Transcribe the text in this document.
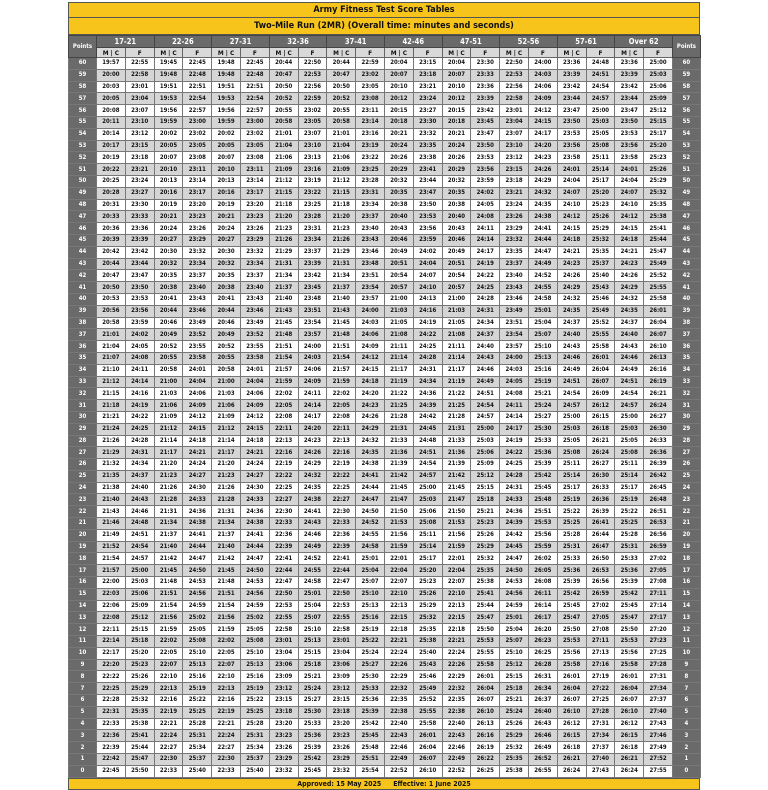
Army Fitness Test Score Tables
Two-Mile Run (2MR) (Overall time: minutes and seconds)
Points	17-21		22-26		27-31		32-36		37-41		42-46		47-51		52-56		57-61		Over 62		Points
	M | C	F	M | C	F	M | C	F	M | C	F	M | C	F	M | C	F	M | C	F	M | C	F	M | C	F	M | C	F	
60	19:57	22:55	19:45	22:45	19:48	22:45	20:44	22:50	20:44	22:59	20:04	23:15	20:04	23:30	22:50	24:00	23:36	24:48	23:36	25:00	60
59	20:00	22:58	19:48	22:48	19:48	22:48	20:47	22:53	20:47	23:02	20:07	23:18	20:07	23:33	22:53	24:03	23:39	24:51	23:39	25:03	59
58	20:03	23:01	19:51	22:51	19:51	22:51	20:50	22:56	20:50	23:05	20:10	23:21	20:10	23:36	22:56	24:06	23:42	24:54	23:42	25:06	58
57	20:05	23:04	19:53	22:54	19:53	22:54	20:52	22:59	20:52	23:08	20:12	23:24	20:12	23:39	22:58	24:09	23:44	24:57	23:44	25:09	57
56	20:08	23:07	19:56	22:57	19:56	22:57	20:55	23:02	20:55	23:11	20:15	23:27	20:15	23:42	23:01	24:12	23:47	25:00	23:47	25:12	56
55	20:11	23:10	19:59	23:00	19:59	23:00	20:58	23:05	20:58	23:14	20:18	23:30	20:18	23:45	23:04	24:15	23:50	25:03	23:50	25:15	55
54	20:14	23:12	20:02	23:02	20:02	23:02	21:01	23:07	21:01	23:16	20:21	23:32	20:21	23:47	23:07	24:17	23:53	25:05	23:53	25:17	54
53	20:17	23:15	20:05	23:05	20:05	23:05	21:04	23:10	21:04	23:19	20:24	23:35	20:24	23:50	23:10	24:20	23:56	25:08	23:56	25:20	53
52	20:19	23:18	20:07	23:08	20:07	23:08	21:06	23:13	21:06	23:22	20:26	23:38	20:26	23:53	23:12	24:23	23:58	25:11	23:58	25:23	52
51	20:22	23:21	20:10	23:11	20:10	23:11	21:09	23:16	21:09	23:25	20:29	23:41	20:29	23:56	23:15	24:26	24:01	25:14	24:01	25:26	51
50	20:25	23:24	20:13	23:14	20:13	23:14	21:12	23:19	21:12	23:28	20:32	23:44	20:32	23:59	23:18	24:29	24:04	25:17	24:04	25:29	50
49	20:28	23:27	20:16	23:17	20:16	23:17	21:15	23:22	21:15	23:31	20:35	23:47	20:35	24:02	23:21	24:32	24:07	25:20	24:07	25:32	49
48	20:31	23:30	20:19	23:20	20:19	23:20	21:18	23:25	21:18	23:34	20:38	23:50	20:38	24:05	23:24	24:35	24:10	25:23	24:10	25:35	48
47	20:33	23:33	20:21	23:23	20:21	23:23	21:20	23:28	21:20	23:37	20:40	23:53	20:40	24:08	23:26	24:38	24:12	25:26	24:12	25:38	47
46	20:36	23:36	20:24	23:26	20:24	23:26	21:23	23:31	21:23	23:40	20:43	23:56	20:43	24:11	23:29	24:41	24:15	25:29	24:15	25:41	46
45	20:39	23:39	20:27	23:29	20:27	23:29	21:26	23:34	21:26	23:43	20:46	23:59	20:46	24:14	23:32	24:44	24:18	25:32	24:18	25:44	45
44	20:42	23:42	20:30	23:32	20:30	23:32	21:29	23:37	21:29	23:46	20:49	24:02	20:49	24:17	23:35	24:47	24:21	25:35	24:21	25:47	44
43	20:44	23:44	20:32	23:34	20:32	23:34	21:31	23:39	21:31	23:48	20:51	24:04	20:51	24:19	23:37	24:49	24:23	25:37	24:23	25:49	43
42	20:47	23:47	20:35	23:37	20:35	23:37	21:34	23:42	21:34	23:51	20:54	24:07	20:54	24:22	23:40	24:52	24:26	25:40	24:26	25:52	42
41	20:50	23:50	20:38	23:40	20:38	23:40	21:37	23:45	21:37	23:54	20:57	24:10	20:57	24:25	23:43	24:55	24:29	25:43	24:29	25:55	41
40	20:53	23:53	20:41	23:43	20:41	23:43	21:40	23:48	21:40	23:57	21:00	24:13	21:00	24:28	23:46	24:58	24:32	25:46	24:32	25:58	40
39	20:56	23:56	20:44	23:46	20:44	23:46	21:43	23:51	21:43	24:00	21:03	24:16	21:03	24:31	23:49	25:01	24:35	25:49	24:35	26:01	39
38	20:58	23:59	20:46	23:49	20:46	23:49	21:45	23:54	21:45	24:03	21:05	24:19	21:05	24:34	23:51	25:04	24:37	25:52	24:37	26:04	38
37	21:01	24:02	20:49	23:52	20:49	23:52	21:48	23:57	21:48	24:06	21:08	24:22	21:08	24:37	23:54	25:07	24:40	25:55	24:40	26:07	37
36	21:04	24:05	20:52	23:55	20:52	23:55	21:51	24:00	21:51	24:09	21:11	24:25	21:11	24:40	23:57	25:10	24:43	25:58	24:43	26:10	36
35	21:07	24:08	20:55	23:58	20:55	23:58	21:54	24:03	21:54	24:12	21:14	24:28	21:14	24:43	24:00	25:13	24:46	26:01	24:46	26:13	35
34	21:10	24:11	20:58	24:01	20:58	24:01	21:57	24:06	21:57	24:15	21:17	24:31	21:17	24:46	24:03	25:16	24:49	26:04	24:49	26:16	34
33	21:12	24:14	21:00	24:04	21:00	24:04	21:59	24:09	21:59	24:18	21:19	24:34	21:19	24:49	24:05	25:19	24:51	26:07	24:51	26:19	33
32	21:15	24:16	21:03	24:06	21:03	24:06	22:02	24:11	22:02	24:20	21:22	24:36	21:22	24:51	24:08	25:21	24:54	26:09	24:54	26:21	32
31	21:18	24:19	21:06	24:09	21:06	24:09	22:05	24:14	22:05	24:23	21:25	24:39	21:25	24:54	24:11	25:24	24:57	26:12	24:57	26:24	31
30	21:21	24:22	21:09	24:12	21:09	24:12	22:08	24:17	22:08	24:26	21:28	24:42	21:28	24:57	24:14	25:27	25:00	26:15	25:00	26:27	30
29	21:24	24:25	21:12	24:15	21:12	24:15	22:11	24:20	22:11	24:29	21:31	24:45	21:31	25:00	24:17	25:30	25:03	26:18	25:03	26:30	29
28	21:26	24:28	21:14	24:18	21:14	24:18	22:13	24:23	22:13	24:32	21:33	24:48	21:33	25:03	24:19	25:33	25:05	26:21	25:05	26:33	28
27	21:29	24:31	21:17	24:21	21:17	24:21	22:16	24:26	22:16	24:35	21:36	24:51	21:36	25:06	24:22	25:36	25:08	26:24	25:08	26:36	27
26	21:32	24:34	21:20	24:24	21:20	24:24	22:19	24:29	22:19	24:38	21:39	24:54	21:39	25:09	24:25	25:39	25:11	26:27	25:11	26:39	26
25	21:35	24:37	21:23	24:27	21:23	24:27	22:22	24:32	22:22	24:41	21:42	24:57	21:42	25:12	24:28	25:42	25:14	26:30	25:14	26:42	25
24	21:38	24:40	21:26	24:30	21:26	24:30	22:25	24:35	22:25	24:44	21:45	25:00	21:45	25:15	24:31	25:45	25:17	26:33	25:17	26:45	24
23	21:40	24:43	21:28	24:33	21:28	24:33	22:27	24:38	22:27	24:47	21:47	25:03	21:47	25:18	24:33	25:48	25:19	26:36	25:19	26:48	23
22	21:43	24:46	21:31	24:36	21:31	24:36	22:30	24:41	22:30	24:50	21:50	25:06	21:50	25:21	24:36	25:51	25:22	26:39	25:22	26:51	22
21	21:46	24:48	21:34	24:38	21:34	24:38	22:33	24:43	22:33	24:52	21:53	25:08	21:53	25:23	24:39	25:53	25:25	26:41	25:25	26:53	21
20	21:49	24:51	21:37	24:41	21:37	24:41	22:36	24:46	22:36	24:55	21:56	25:11	21:56	25:26	24:42	25:56	25:28	26:44	25:28	26:56	20
19	21:52	24:54	21:40	24:44	21:40	24:44	22:39	24:49	22:39	24:58	21:59	25:14	21:59	25:29	24:45	25:59	25:31	26:47	25:31	26:59	19
18	21:54	24:57	21:42	24:47	21:42	24:47	22:41	24:52	22:41	25:01	22:01	25:17	22:01	25:32	24:47	26:02	25:33	26:50	25:33	27:02	18
17	21:57	25:00	21:45	24:50	21:45	24:50	22:44	24:55	22:44	25:04	22:04	25:20	22:04	25:35	24:50	26:05	25:36	26:53	25:36	27:05	17
16	22:00	25:03	21:48	24:53	21:48	24:53	22:47	24:58	22:47	25:07	22:07	25:23	22:07	25:38	24:53	26:08	25:39	26:56	25:39	27:08	16
15	22:03	25:06	21:51	24:56	21:51	24:56	22:50	25:01	22:50	25:10	22:10	25:26	22:10	25:41	24:56	26:11	25:42	26:59	25:42	27:11	15
14	22:06	25:09	21:54	24:59	21:54	24:59	22:53	25:04	22:53	25:13	22:13	25:29	22:13	25:44	24:59	26:14	25:45	27:02	25:45	27:14	14
13	22:08	25:12	21:56	25:02	21:56	25:02	22:55	25:07	22:55	25:16	22:15	25:32	22:15	25:47	25:01	26:17	25:47	27:05	25:47	27:17	13
12	22:11	25:15	21:59	25:05	21:59	25:05	22:58	25:10	22:58	25:19	22:18	25:35	22:18	25:50	25:04	26:20	25:50	27:08	25:50	27:20	12
11	22:14	25:18	22:02	25:08	22:02	25:08	23:01	25:13	23:01	25:22	22:21	25:38	22:21	25:53	25:07	26:23	25:53	27:11	25:53	27:23	11
10	22:17	25:20	22:05	25:10	22:05	25:10	23:04	25:15	23:04	25:24	22:24	25:40	22:24	25:55	25:10	26:25	25:56	27:13	25:56	27:25	10
9	22:20	25:23	22:07	25:13	22:07	25:13	23:06	25:18	23:06	25:27	22:26	25:43	22:26	25:58	25:12	26:28	25:58	27:16	25:58	27:28	9
8	22:22	25:26	22:10	25:16	22:10	25:16	23:09	25:21	23:09	25:30	22:29	25:46	22:29	26:01	25:15	26:31	26:01	27:19	26:01	27:31	8
7	22:25	25:29	22:13	25:19	22:13	25:19	23:12	25:24	23:12	25:33	22:32	25:49	22:32	26:04	25:18	26:34	26:04	27:22	26:04	27:34	7
6	22:28	25:32	22:16	25:22	22:16	25:22	23:15	25:27	23:15	25:36	22:35	25:52	22:35	26:07	25:21	26:37	26:07	27:25	26:07	27:37	6
5	22:31	25:35	22:19	25:25	22:19	25:25	23:18	25:30	23:18	25:39	22:38	25:55	22:38	26:10	25:24	26:40	26:10	27:28	26:10	27:40	5
4	22:33	25:38	22:21	25:28	22:21	25:28	23:20	25:33	23:20	25:42	22:40	25:58	22:40	26:13	25:26	26:43	26:12	27:31	26:12	27:43	4
3	22:36	25:41	22:24	25:31	22:24	25:31	23:23	25:36	23:23	25:45	22:43	26:01	22:43	26:16	25:29	26:46	26:15	27:34	26:15	27:46	3
2	22:39	25:44	22:27	25:34	22:27	25:34	23:26	25:39	23:26	25:48	22:46	26:04	22:46	26:19	25:32	26:49	26:18	27:37	26:18	27:49	2
1	22:42	25:47	22:30	25:37	22:30	25:37	23:29	25:42	23:29	25:51	22:49	26:07	22:49	26:22	25:35	26:52	26:21	27:40	26:21	27:52	1
0	22:45	25:50	22:33	25:40	22:33	25:40	23:32	25:45	23:32	25:54	22:52	26:10	22:52	26:25	25:38	26:55	26:24	27:43	26:24	27:55	0
Approved: 15 May 2025 Effective: 1 June 2025
